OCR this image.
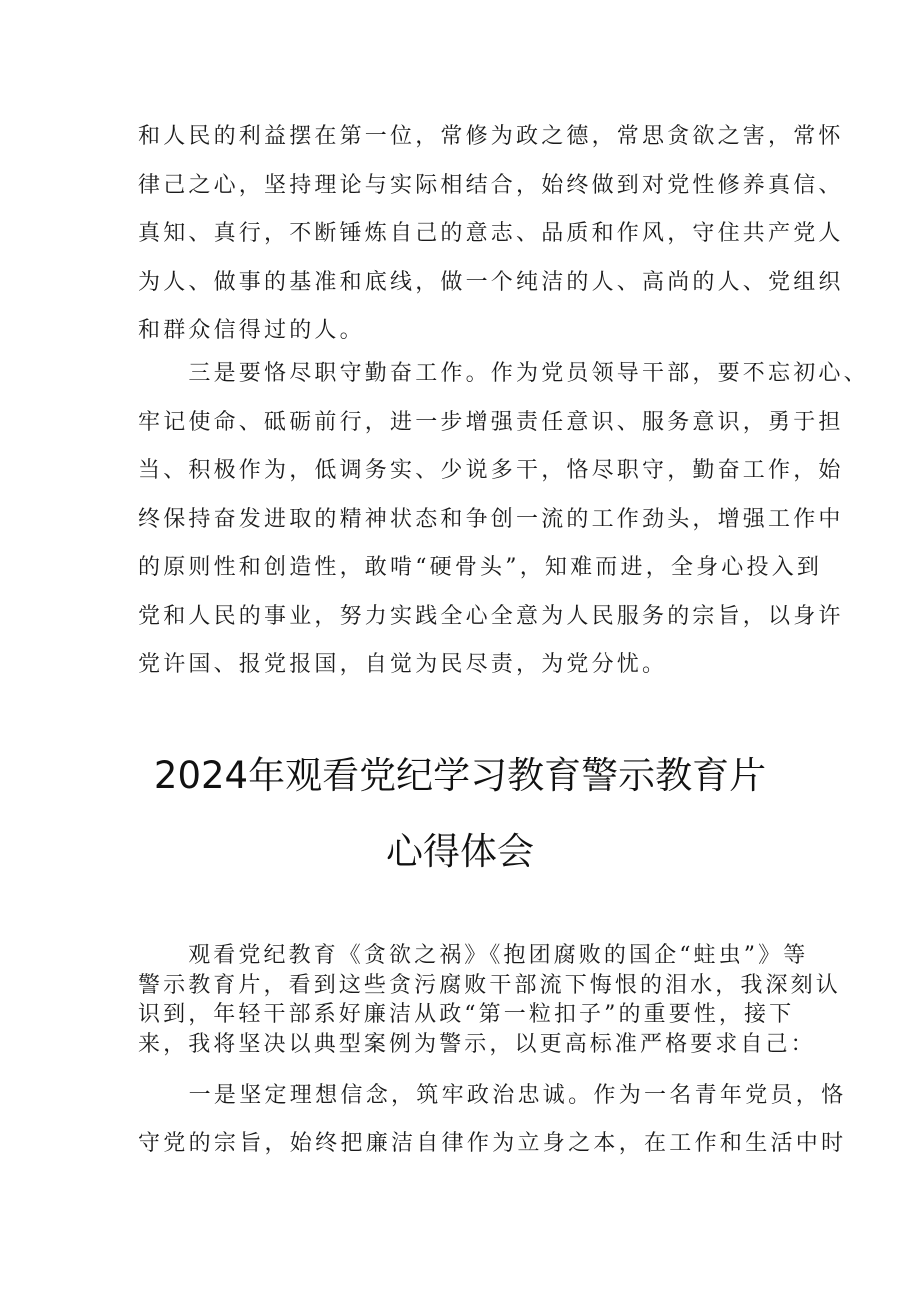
和人民的利益摆在第一位，常修为政之德，常思贪欲之害，常怀
律己之心，坚持理论与实际相结合，始终做到对党性修养真信、
真知、真行，不断锤炼自己的意志、品质和作风，守住共产党人
为人、做事的基准和底线，做一个纯洁的人、高尚的人、党组织
和群众信得过的人。
　　三是要恪尽职守勤奋工作。作为党员领导干部，要不忘初心、
牢记使命、砥砺前行，进一步增强责任意识、服务意识，勇于担
当、积极作为，低调务实、少说多干，恪尽职守，勤奋工作，始
终保持奋发进取的精神状态和争创一流的工作劲头，增强工作中
的原则性和创造性，敢啃“硬骨头”，知难而进，全身心投入到
党和人民的事业，努力实践全心全意为人民服务的宗旨，以身许
党许国、报党报国，自觉为民尽责，为党分忧。
2024年观看党纪学习教育警示教育片
心得体会
　　观看党纪教育《贪欲之祸》《抱团腐败的国企“蛀虫”》等
警示教育片，看到这些贪污腐败干部流下悔恨的泪水，我深刻认
识到，年轻干部系好廉洁从政“第一粒扣子”的重要性，接下
来，我将坚决以典型案例为警示，以更高标准严格要求自己：
　　一是坚定理想信念，筑牢政治忠诚。作为一名青年党员，恪
守党的宗旨，始终把廉洁自律作为立身之本，在工作和生活中时
